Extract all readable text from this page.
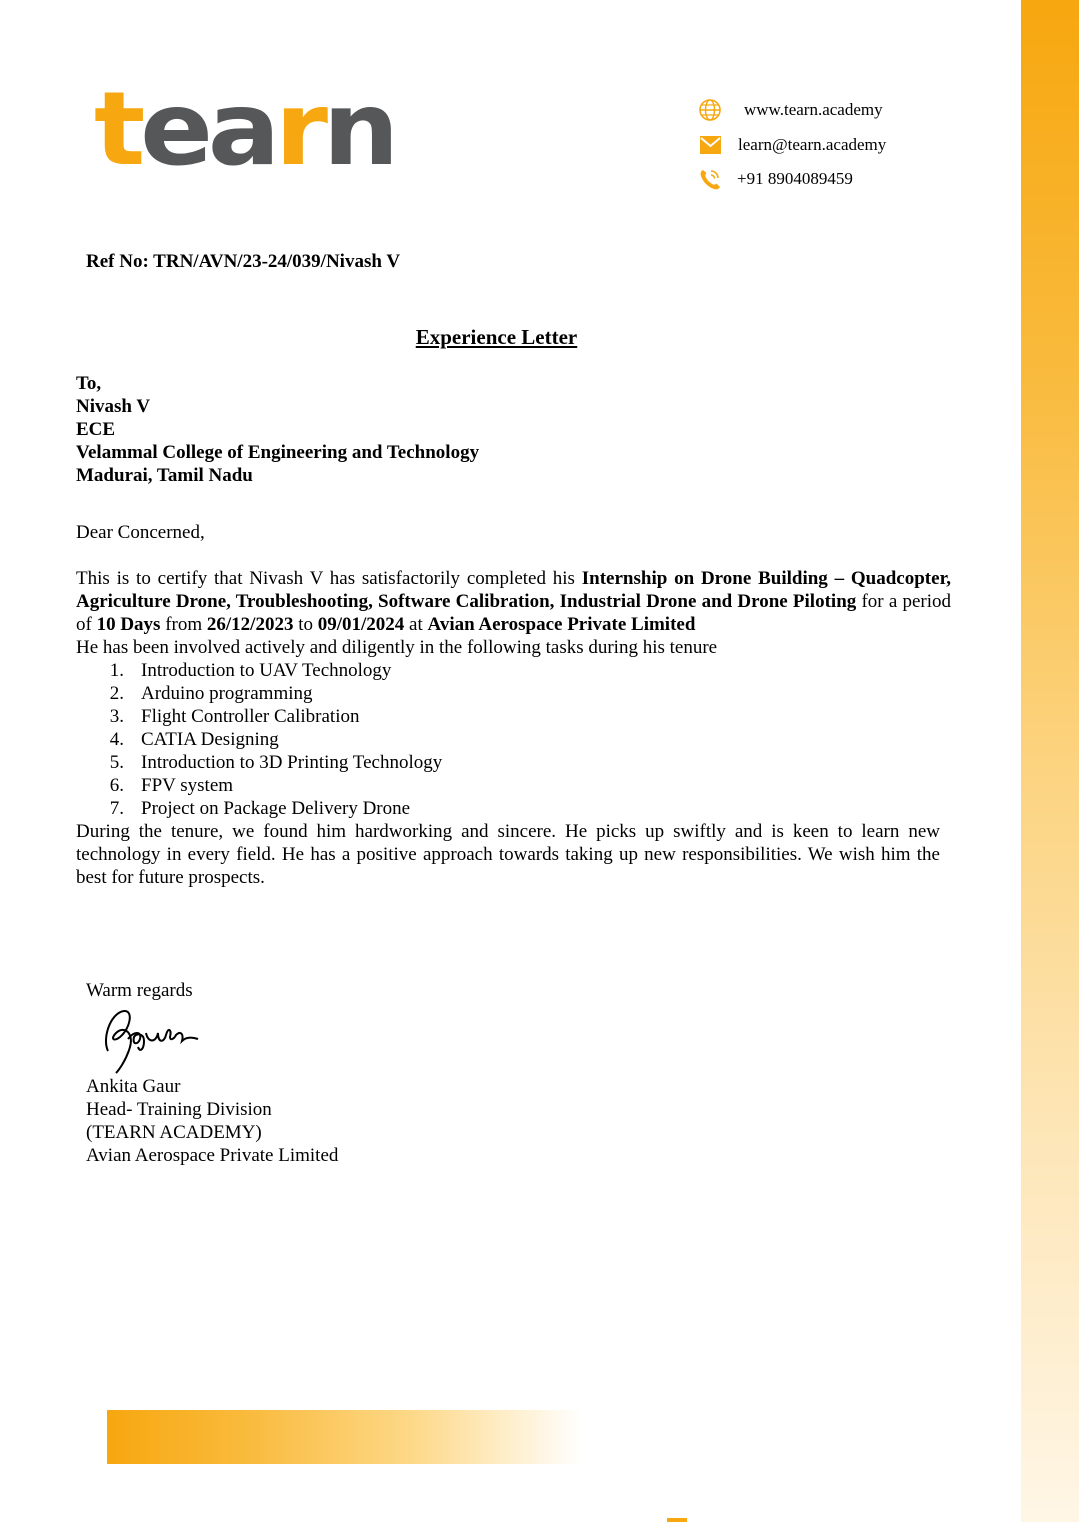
tearn	www.tearn.academy
learn@tearn.academy
+91 8904089459
Ref No: TRN/AVN/23-24/039/Nivash V
Experience Letter
To,
Nivash V
ECE
Velammal College of Engineering and Technology
Madurai, Tamil Nadu
Dear Concerned,
This is to certify that Nivash V has satisfactorily completed his Internship on Drone Building – Quadcopter, Agriculture Drone, Troubleshooting, Software Calibration, Industrial Drone and Drone Piloting for a period of 10 Days from 26/12/2023 to 09/01/2024 at Avian Aerospace Private Limited
He has been involved actively and diligently in the following tasks during his tenure
1. Introduction to UAV Technology
2. Arduino programming
3. Flight Controller Calibration
4. CATIA Designing
5. Introduction to 3D Printing Technology
6. FPV system
7. Project on Package Delivery Drone
During the tenure, we found him hardworking and sincere. He picks up swiftly and is keen to learn new technology in every field. He has a positive approach towards taking up new responsibilities. We wish him the best for future prospects.
Warm regards
Ankita Gaur
Head- Training Division
(TEARN ACADEMY)
Avian Aerospace Private Limited
